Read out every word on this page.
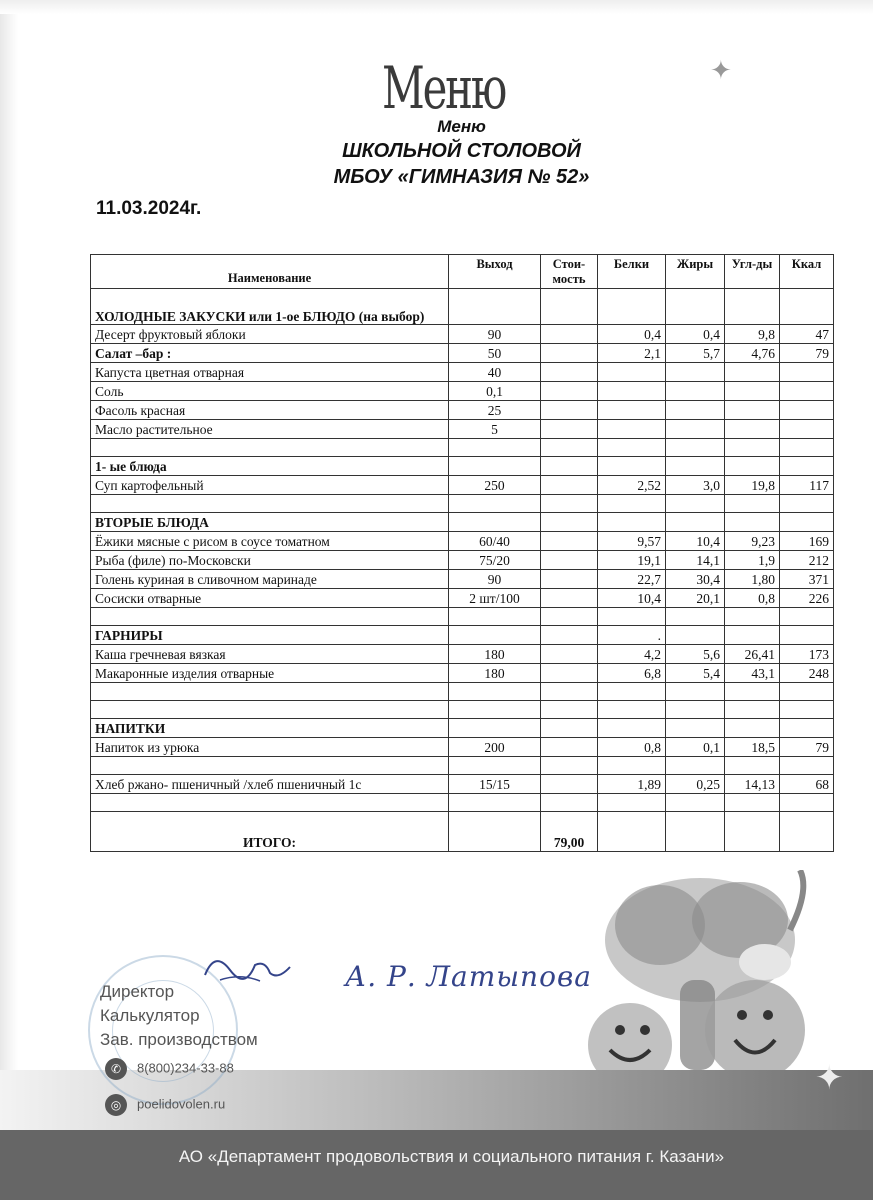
✦
Меню
Меню
ШКОЛЬНОЙ СТОЛОВОЙ
МБОУ «ГИМНАЗИЯ № 52»
11.03.2024г.
Наименование	Выход	Стои-мость	Белки	Жиры	Угл-ды	Ккал
ХОЛОДНЫЕ ЗАКУСКИ или 1-ое БЛЮДО (на выбор)						
Десерт фруктовый яблоки	90		0,4	0,4	9,8	47
Салат –бар :	50		2,1	5,7	4,76	79
Капуста цветная отварная	40					
Соль	0,1					
Фасоль красная	25					
Масло растительное	5					

1- ые блюда						
Суп картофельный	250		2,52	3,0	19,8	117

ВТОРЫЕ БЛЮДА						
Ёжики мясные с рисом в соусе томатном	60/40		9,57	10,4	9,23	169
Рыба (филе) по-Московски	75/20		19,1	14,1	1,9	212
Голень куриная в сливочном маринаде	90		22,7	30,4	1,80	371
Сосиски отварные	2 шт/100		10,4	20,1	0,8	226

ГАРНИРЫ			.			
Каша гречневая вязкая	180		4,2	5,6	26,41	173
Макаронные изделия отварные	180		6,8	5,4	43,1	248

НАПИТКИ						
Напиток из урюка	200		0,8	0,1	18,5	79

Хлеб ржано- пшеничный /хлеб пшеничный 1с	15/15		1,89	0,25	14,13	68

ИТОГО:		79,00				
✦
Директор
Калькулятор
Зав. производством
А. Р. Латыпова
✆ 8(800)234-33-88
◎ poelidovolen.ru
АО «Департамент продовольствия и социального питания г. Казани»
